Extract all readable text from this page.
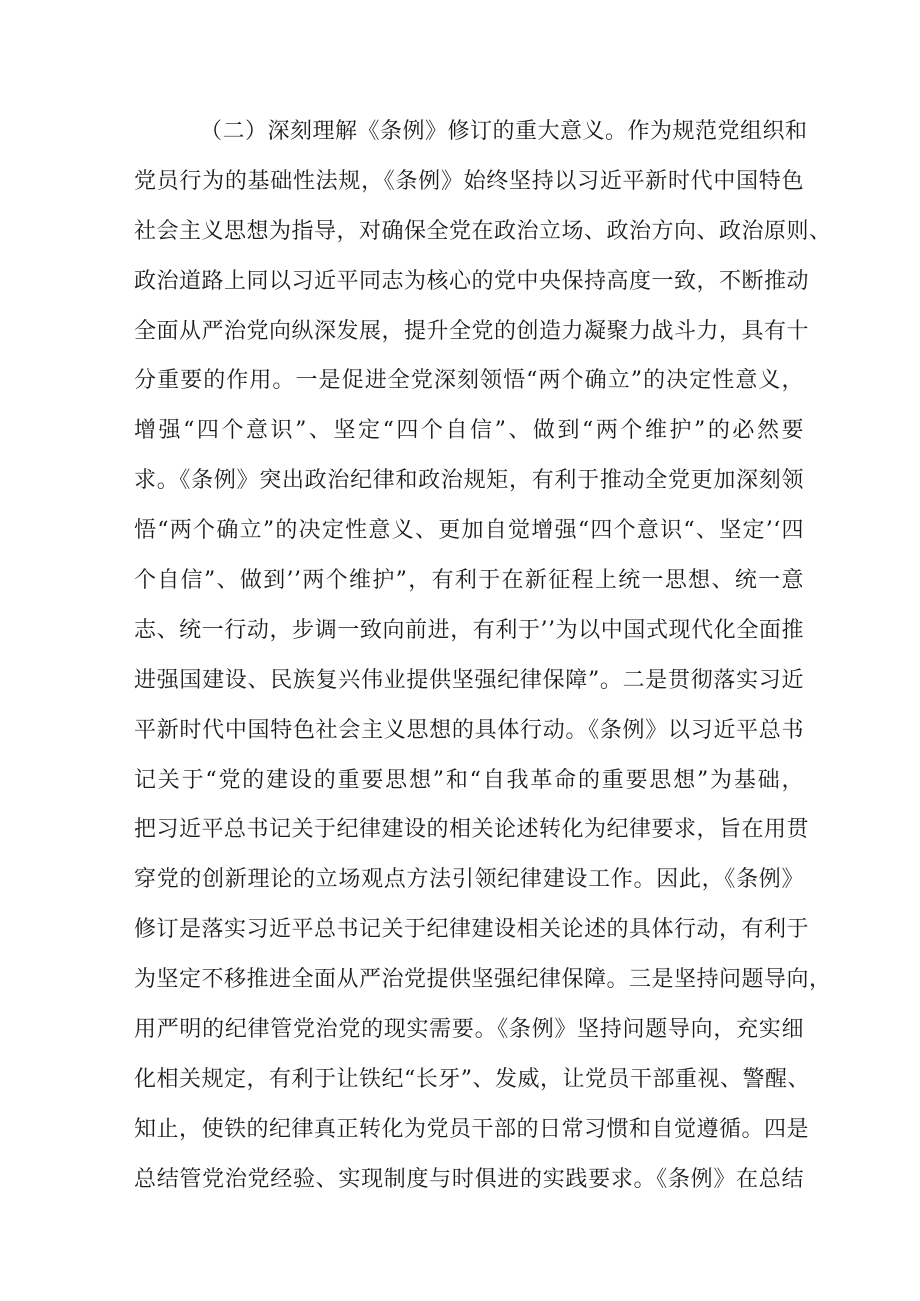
（二）深刻理解《条例》修订的重大意义。作为规范党组织和
党员行为的基础性法规，《条例》始终坚持以习近平新时代中国特色
社会主义思想为指导，对确保全党在政治立场、政治方向、政治原则、
政治道路上同以习近平同志为核心的党中央保持高度一致，不断推动
全面从严治党向纵深发展，提升全党的创造力凝聚力战斗力，具有十
分重要的作用。一是促进全党深刻领悟“两个确立”的决定性意义，
增强“四个意识”、坚定“四个自信”、做到“两个维护”的必然要
求。《条例》突出政治纪律和政治规矩，有利于推动全党更加深刻领
悟“两个确立”的决定性意义、更加自觉增强“四个意识“、坚定’‘四
个自信”、做到’’两个维护”，有利于在新征程上统一思想、统一意
志、统一行动，步调一致向前进，有利于’’为以中国式现代化全面推
进强国建设、民族复兴伟业提供坚强纪律保障”。二是贯彻落实习近
平新时代中国特色社会主义思想的具体行动。《条例》以习近平总书
记关于“党的建设的重要思想”和“自我革命的重要思想”为基础，
把习近平总书记关于纪律建设的相关论述转化为纪律要求，旨在用贯
穿党的创新理论的立场观点方法引领纪律建设工作。因此，《条例》
修订是落实习近平总书记关于纪律建设相关论述的具体行动，有利于
为坚定不移推进全面从严治党提供坚强纪律保障。三是坚持问题导向，
用严明的纪律管党治党的现实需要。《条例》坚持问题导向，充实细
化相关规定，有利于让铁纪“长牙”、发威，让党员干部重视、警醒、
知止，使铁的纪律真正转化为党员干部的日常习惯和自觉遵循。四是
总结管党治党经验、实现制度与时俱进的实践要求。《条例》在总结
